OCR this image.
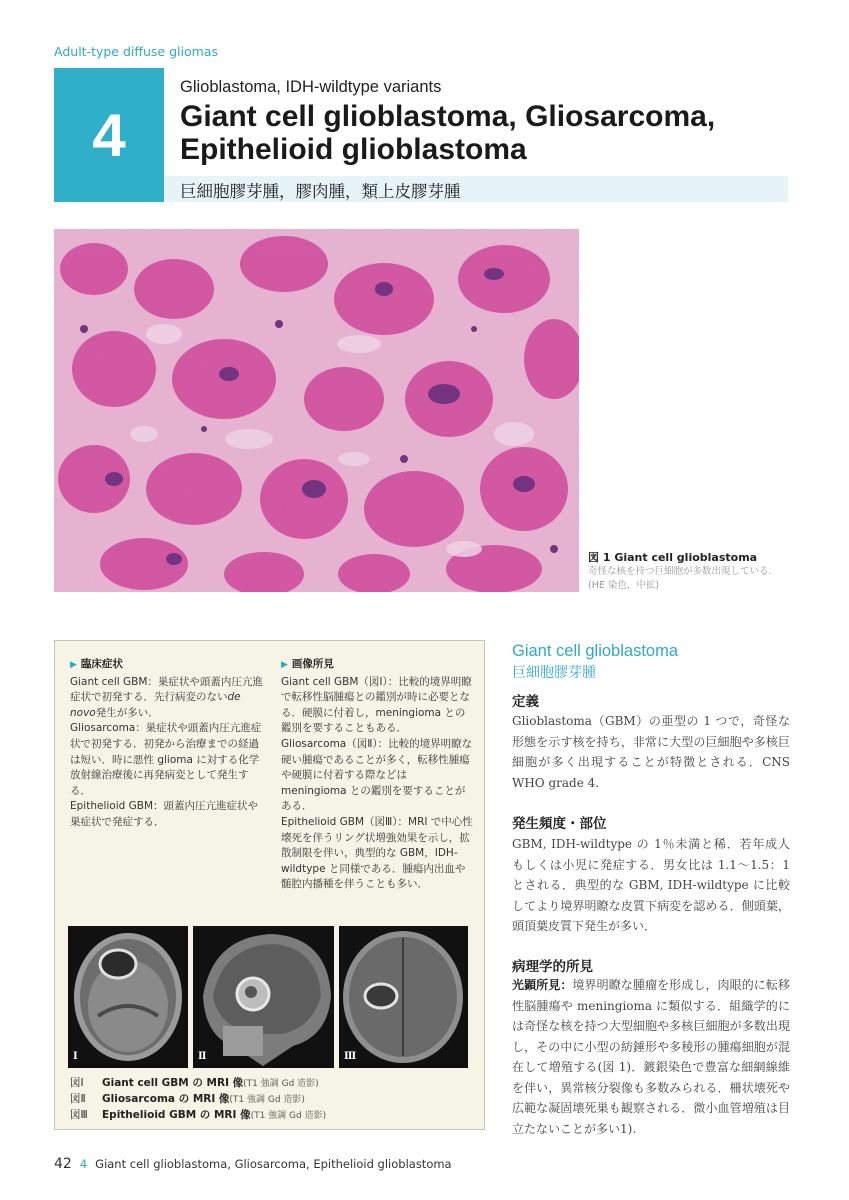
Adult-type diffuse gliomas
4
Glioblastoma, IDH-wildtype variants
Giant cell glioblastoma, Gliosarcoma,
Epithelioid glioblastoma
巨細胞膠芽腫，膠肉腫，類上皮膠芽腫
図 1 Giant cell glioblastoma
奇怪な核を持つ巨細胞が多数出現している.
(HE 染色，中拡)
▶ 臨床症状

Giant cell GBM：巣症状や頭蓋内圧亢進症状で初発する．先行病変のないde novo発生が多い．

Gliosarcoma：巣症状や頭蓋内圧亢進症状で初発する．初発から治療までの経過は短い．時に悪性 glioma に対する化学放射線治療後に再発病変として発生する．

Epithelioid GBM：頭蓋内圧亢進症状や巣症状で発症する．

▶ 画像所見

Giant cell GBM（図Ⅰ）：比較的境界明瞭で転移性脳腫瘍との鑑別が時に必要となる．硬膜に付着し，meningioma との鑑別を要することもある．

Gliosarcoma（図Ⅱ）：比較的境界明瞭な硬い腫瘍であることが多く，転移性腫瘍や硬膜に付着する際などは meningioma との鑑別を要することがある．

Epithelioid GBM（図Ⅲ）：MRI で中心性壊死を伴うリング状増強効果を示し，拡散制限を伴い，典型的な GBM，IDH-wildtype と同様である．腫瘍内出血や髄腔内播種を伴うことも多い．

Ⅰ	Ⅱ	Ⅲ
図Ⅰ Giant cell GBM の MRI 像(T1 強調 Gd 造影)
図Ⅱ Gliosarcoma の MRI 像(T1 強調 Gd 造影)
図Ⅲ Epithelioid GBM の MRI 像(T1 強調 Gd 造影)
Giant cell glioblastoma
巨細胞膠芽腫
定義

Glioblastoma（GBM）の亜型の 1 つで，奇怪な形態を示す核を持ち，非常に大型の巨細胞や多核巨細胞が多く出現することが特徴とされる．CNS WHO grade 4.

発生頻度・部位

GBM, IDH-wildtype の 1％未満と稀．若年成人もしくは小児に発症する．男女比は 1.1～1.5：1 とされる．典型的な GBM, IDH-wildtype に比較してより境界明瞭な皮質下病変を認める．側頭葉，頭頂葉皮質下発生が多い．

病理学的所見

光顕所見：境界明瞭な腫瘤を形成し，肉眼的に転移性脳腫瘍や meningioma に類似する．組織学的には奇怪な核を持つ大型細胞や多核巨細胞が多数出現し，その中に小型の紡錘形や多稜形の腫瘍細胞が混在して増殖する(図 1)．鍍銀染色で豊富な細網線維を伴い，異常核分裂像も多数みられる．柵状壊死や広範な凝固壊死巣も観察される．微小血管増殖は目立たないことが多い1).

42 4 Giant cell glioblastoma, Gliosarcoma, Epithelioid glioblastoma
